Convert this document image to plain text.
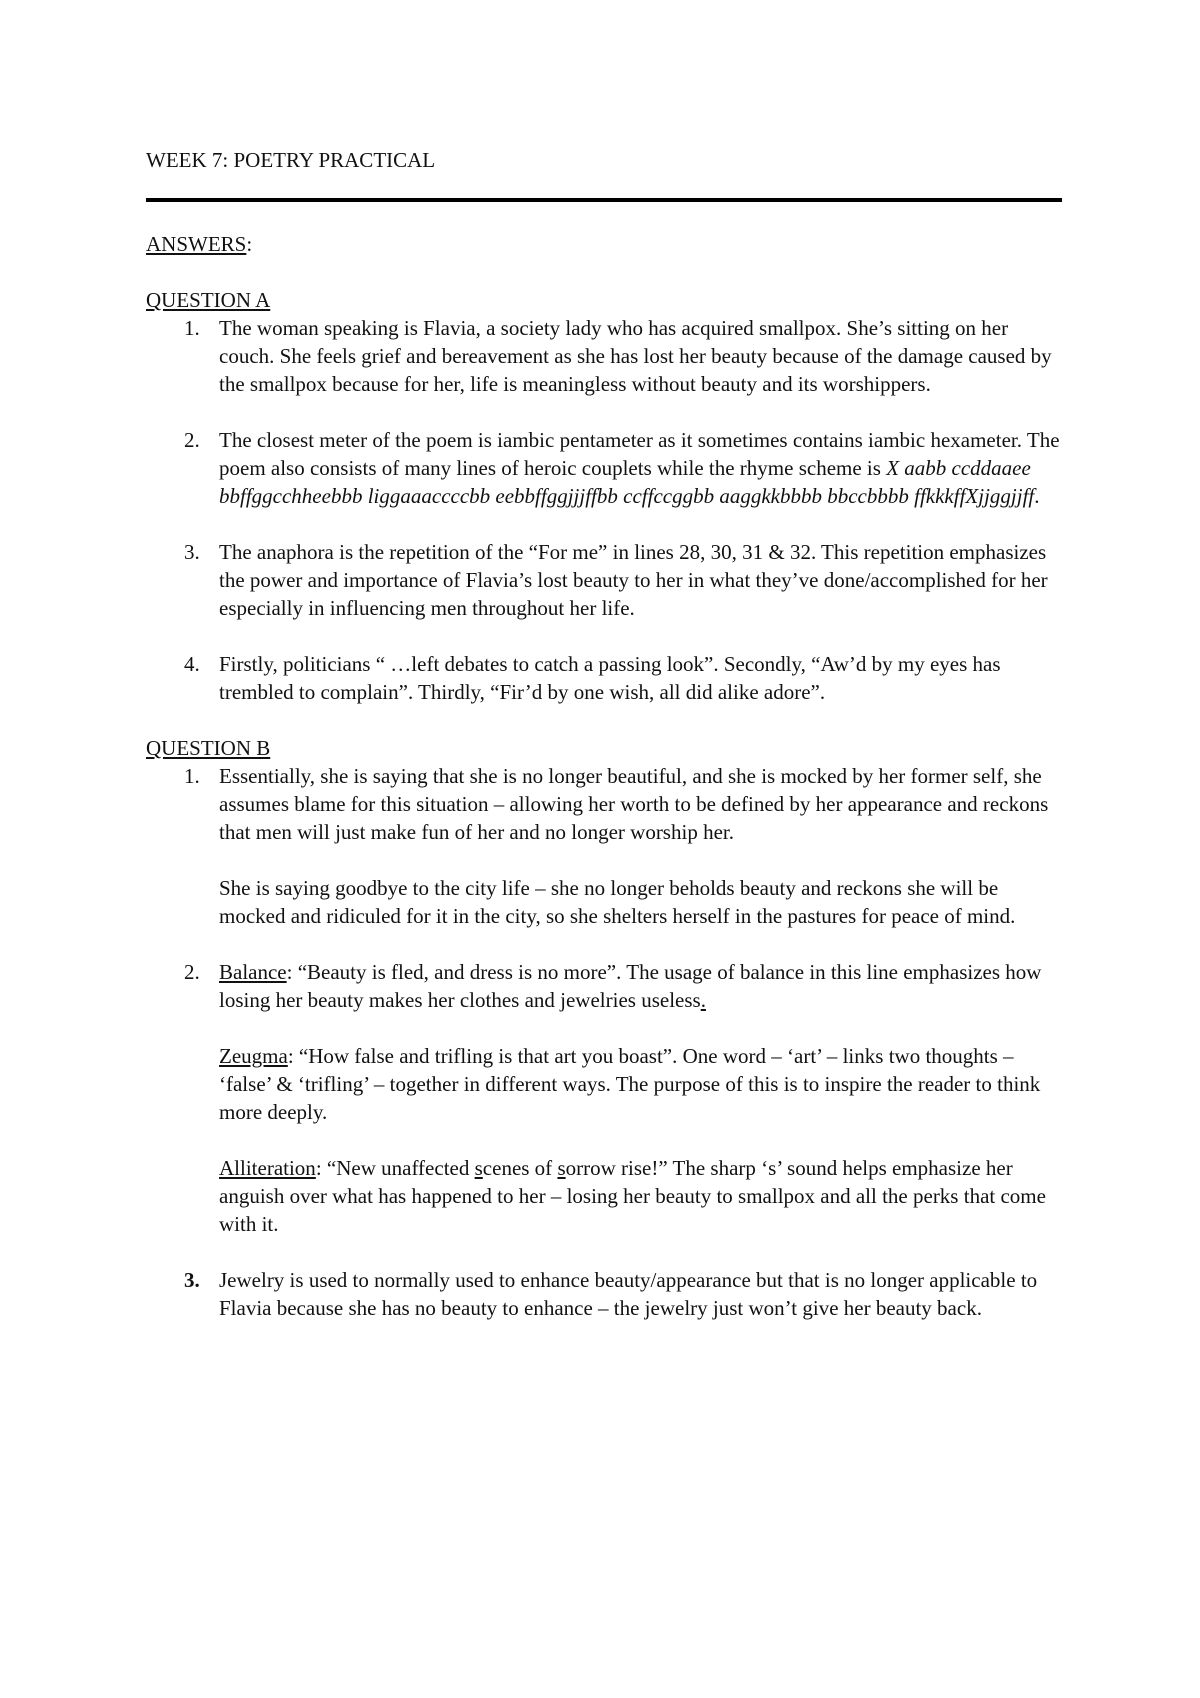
WEEK 7: POETRY PRACTICAL

ANSWERS:

QUESTION A

1. The woman speaking is Flavia, a society lady who has acquired smallpox. She’s sitting on her couch. She feels grief and bereavement as she has lost her beauty because of the damage caused by the smallpox because for her, life is meaningless without beauty and its worshippers.

2. The closest meter of the poem is iambic pentameter as it sometimes contains iambic hexameter. The poem also consists of many lines of heroic couplets while the rhyme scheme is X aabb ccddaaee bbffggcchheebbb liggaaaccccbb eebbffggjjjffbb ccffccggbb aaggkkbbbb bbccbbbb ffkkkffXjjggjjff.

3. The anaphora is the repetition of the “For me” in lines 28, 30, 31 & 32. This repetition emphasizes the power and importance of Flavia’s lost beauty to her in what they’ve done/accomplished for her especially in influencing men throughout her life.

4. Firstly, politicians “ …left debates to catch a passing look”. Secondly, “Aw’d by my eyes has trembled to complain”. Thirdly, “Fir’d by one wish, all did alike adore”.

QUESTION B

1. Essentially, she is saying that she is no longer beautiful, and she is mocked by her former self, she assumes blame for this situation – allowing her worth to be defined by her appearance and reckons that men will just make fun of her and no longer worship her.

She is saying goodbye to the city life – she no longer beholds beauty and reckons she will be mocked and ridiculed for it in the city, so she shelters herself in the pastures for peace of mind.

2. Balance: “Beauty is fled, and dress is no more”. The usage of balance in this line emphasizes how losing her beauty makes her clothes and jewelries useless.

Zeugma: “How false and trifling is that art you boast”. One word – ‘art’ – links two thoughts – ‘false’ & ‘trifling’ – together in different ways. The purpose of this is to inspire the reader to think more deeply.

Alliteration: “New unaffected scenes of sorrow rise!” The sharp ‘s’ sound helps emphasize her anguish over what has happened to her – losing her beauty to smallpox and all the perks that come with it.

3. Jewelry is used to normally used to enhance beauty/appearance but that is no longer applicable to Flavia because she has no beauty to enhance – the jewelry just won’t give her beauty back.
